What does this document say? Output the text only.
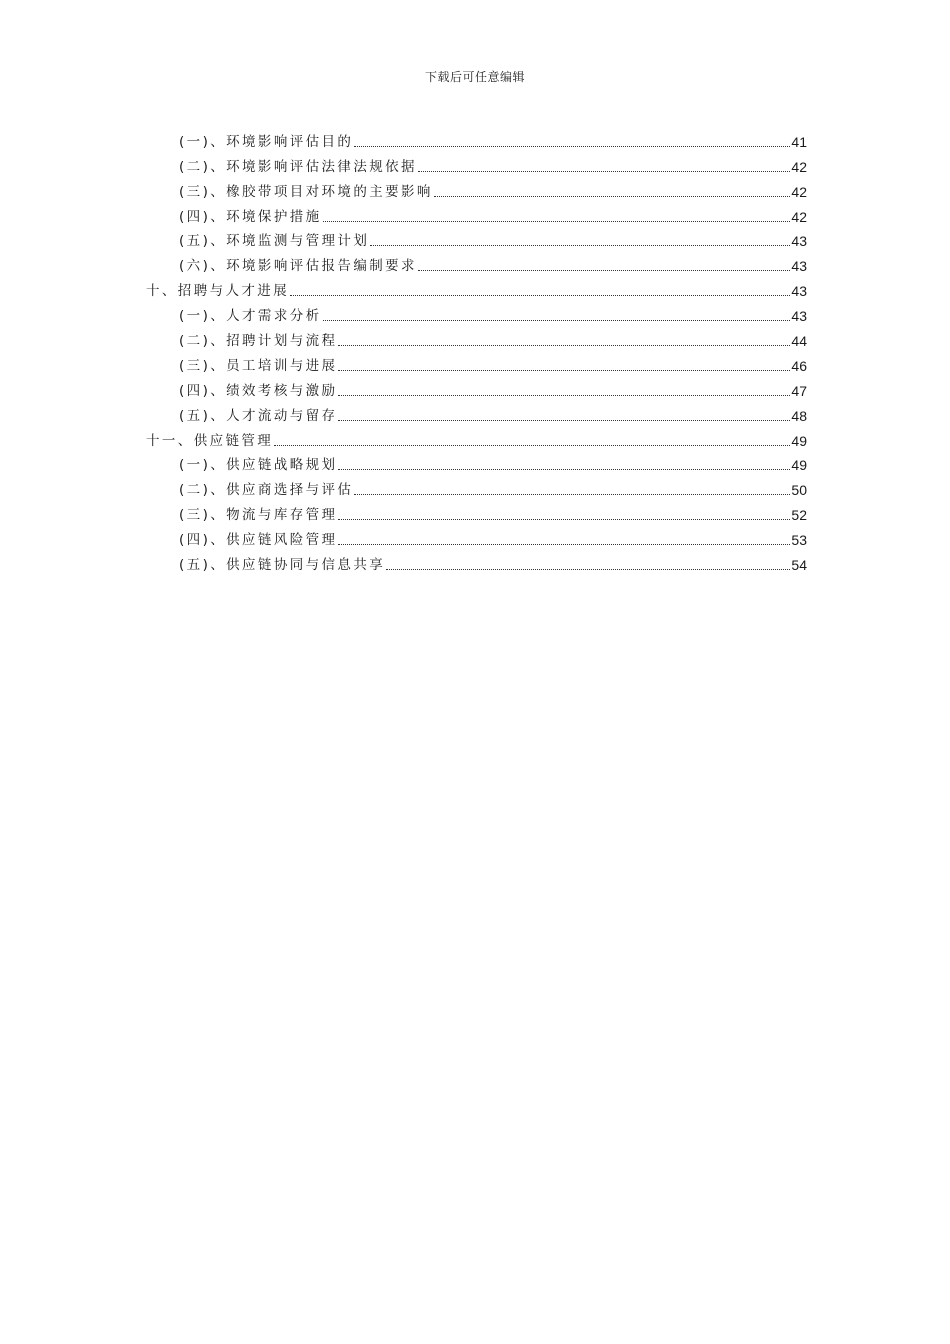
下载后可任意编辑
(一)、环境影响评估目的	41
(二)、环境影响评估法律法规依据	42
(三)、橡胶带项目对环境的主要影响	42
(四)、环境保护措施	42
(五)、环境监测与管理计划	43
(六)、环境影响评估报告编制要求	43
十、招聘与人才进展	43
(一)、人才需求分析	43
(二)、招聘计划与流程	44
(三)、员工培训与进展	46
(四)、绩效考核与激励	47
(五)、人才流动与留存	48
十一、供应链管理	49
(一)、供应链战略规划	49
(二)、供应商选择与评估	50
(三)、物流与库存管理	52
(四)、供应链风险管理	53
(五)、供应链协同与信息共享	54
